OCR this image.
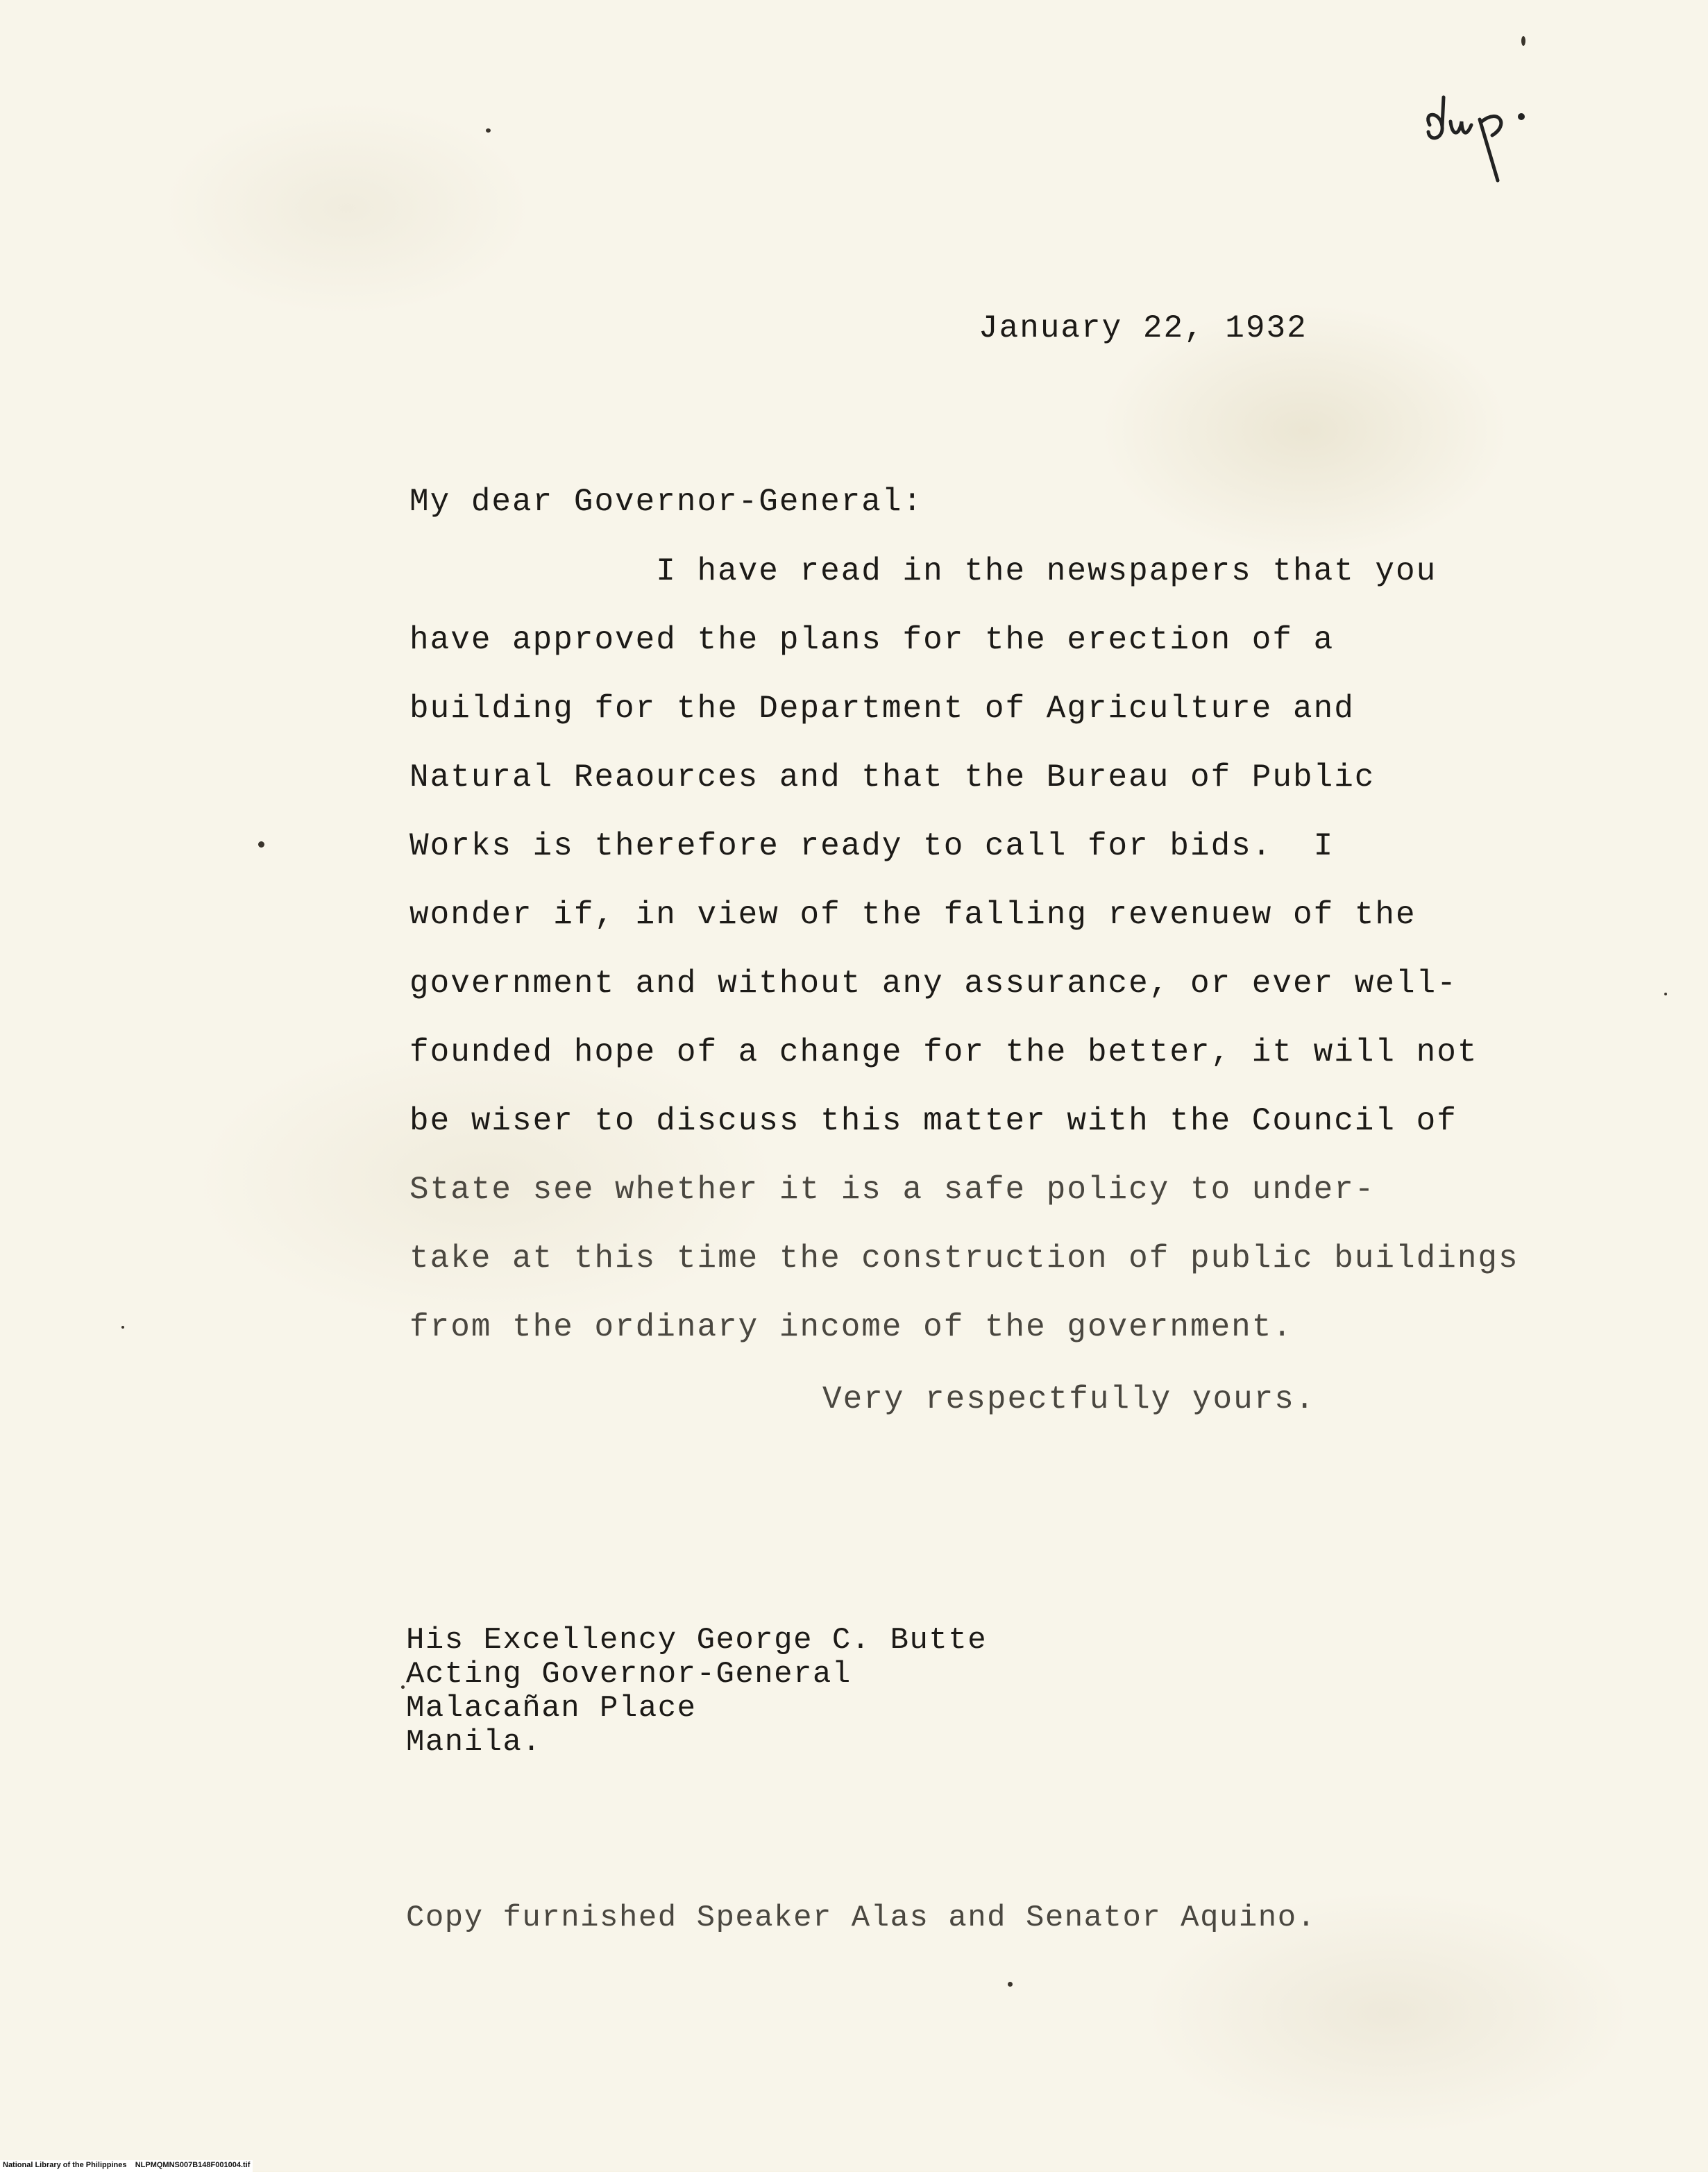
January 22, 1932
My dear Governor-General:
I have read in the newspapers that you
have approved the plans for the erection of a
building for the Department of Agriculture and
Natural Reaources and that the Bureau of Public
Works is therefore ready to call for bids.  I
wonder if, in view of the falling revenuew of the
government and without any assurance, or ever well-
founded hope of a change for the better, it will not
be wiser to discuss this matter with the Council of
State see whether it is a safe policy to under-
take at this time the construction of public buildings
from the ordinary income of the government.
Very respectfully yours.
His Excellency George C. Butte
Acting Governor-General
Malacañan Place
Manila.
Copy furnished Speaker Alas and Senator Aquino.
National Library of the Philippines NLPMQMNS007B148F001004.tif
